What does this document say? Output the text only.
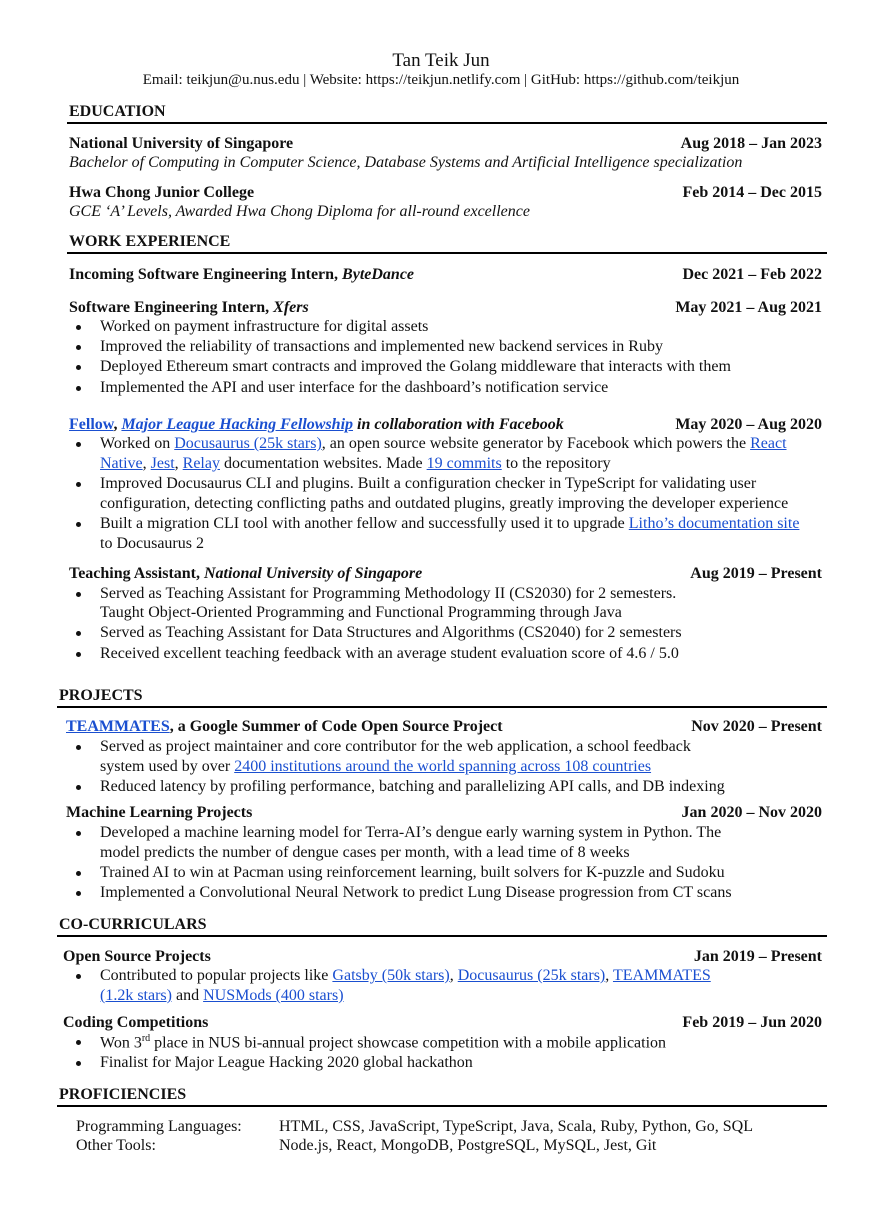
Tan Teik Jun
Email: teikjun@u.nus.edu | Website: https://teikjun.netlify.com | GitHub: https://github.com/teikjun
EDUCATION
National University of Singapore	Aug 2018 – Jan 2023
Bachelor of Computing in Computer Science, Database Systems and Artificial Intelligence specialization
Hwa Chong Junior College	Feb 2014 – Dec 2015
GCE ‘A’ Levels, Awarded Hwa Chong Diploma for all-round excellence
WORK EXPERIENCE
Incoming Software Engineering Intern, ByteDance	Dec 2021 – Feb 2022
Software Engineering Intern, Xfers	May 2021 – Aug 2021
Worked on payment infrastructure for digital assets
Improved the reliability of transactions and implemented new backend services in Ruby
Deployed Ethereum smart contracts and improved the Golang middleware that interacts with them
Implemented the API and user interface for the dashboard’s notification service
Fellow, Major League Hacking Fellowship in collaboration with Facebook	May 2020 – Aug 2020
Worked on Docusaurus (25k stars), an open source website generator by Facebook which powers the React
Native, Jest, Relay documentation websites. Made 19 commits to the repository
Improved Docusaurus CLI and plugins. Built a configuration checker in TypeScript for validating user
configuration, detecting conflicting paths and outdated plugins, greatly improving the developer experience
Built a migration CLI tool with another fellow and successfully used it to upgrade Litho’s documentation site
to Docusaurus 2
Teaching Assistant, National University of Singapore	Aug 2019 – Present
Served as Teaching Assistant for Programming Methodology II (CS2030) for 2 semesters.
Taught Object-Oriented Programming and Functional Programming through Java
Served as Teaching Assistant for Data Structures and Algorithms (CS2040) for 2 semesters
Received excellent teaching feedback with an average student evaluation score of 4.6 / 5.0
PROJECTS
TEAMMATES, a Google Summer of Code Open Source Project	Nov 2020 – Present
Served as project maintainer and core contributor for the web application, a school feedback
system used by over 2400 institutions around the world spanning across 108 countries
Reduced latency by profiling performance, batching and parallelizing API calls, and DB indexing
Machine Learning Projects	Jan 2020 – Nov 2020
Developed a machine learning model for Terra-AI’s dengue early warning system in Python. The
model predicts the number of dengue cases per month, with a lead time of 8 weeks
Trained AI to win at Pacman using reinforcement learning, built solvers for K-puzzle and Sudoku
Implemented a Convolutional Neural Network to predict Lung Disease progression from CT scans
CO-CURRICULARS
Open Source Projects	Jan 2019 – Present
Contributed to popular projects like Gatsby (50k stars), Docusaurus (25k stars), TEAMMATES
(1.2k stars) and NUSMods (400 stars)
Coding Competitions	Feb 2019 – Jun 2020
Won 3rd place in NUS bi-annual project showcase competition with a mobile application
Finalist for Major League Hacking 2020 global hackathon
PROFICIENCIES
Programming Languages: HTML, CSS, JavaScript, TypeScript, Java, Scala, Ruby, Python, Go, SQL
Other Tools:	Node.js, React, MongoDB, PostgreSQL, MySQL, Jest, Git
